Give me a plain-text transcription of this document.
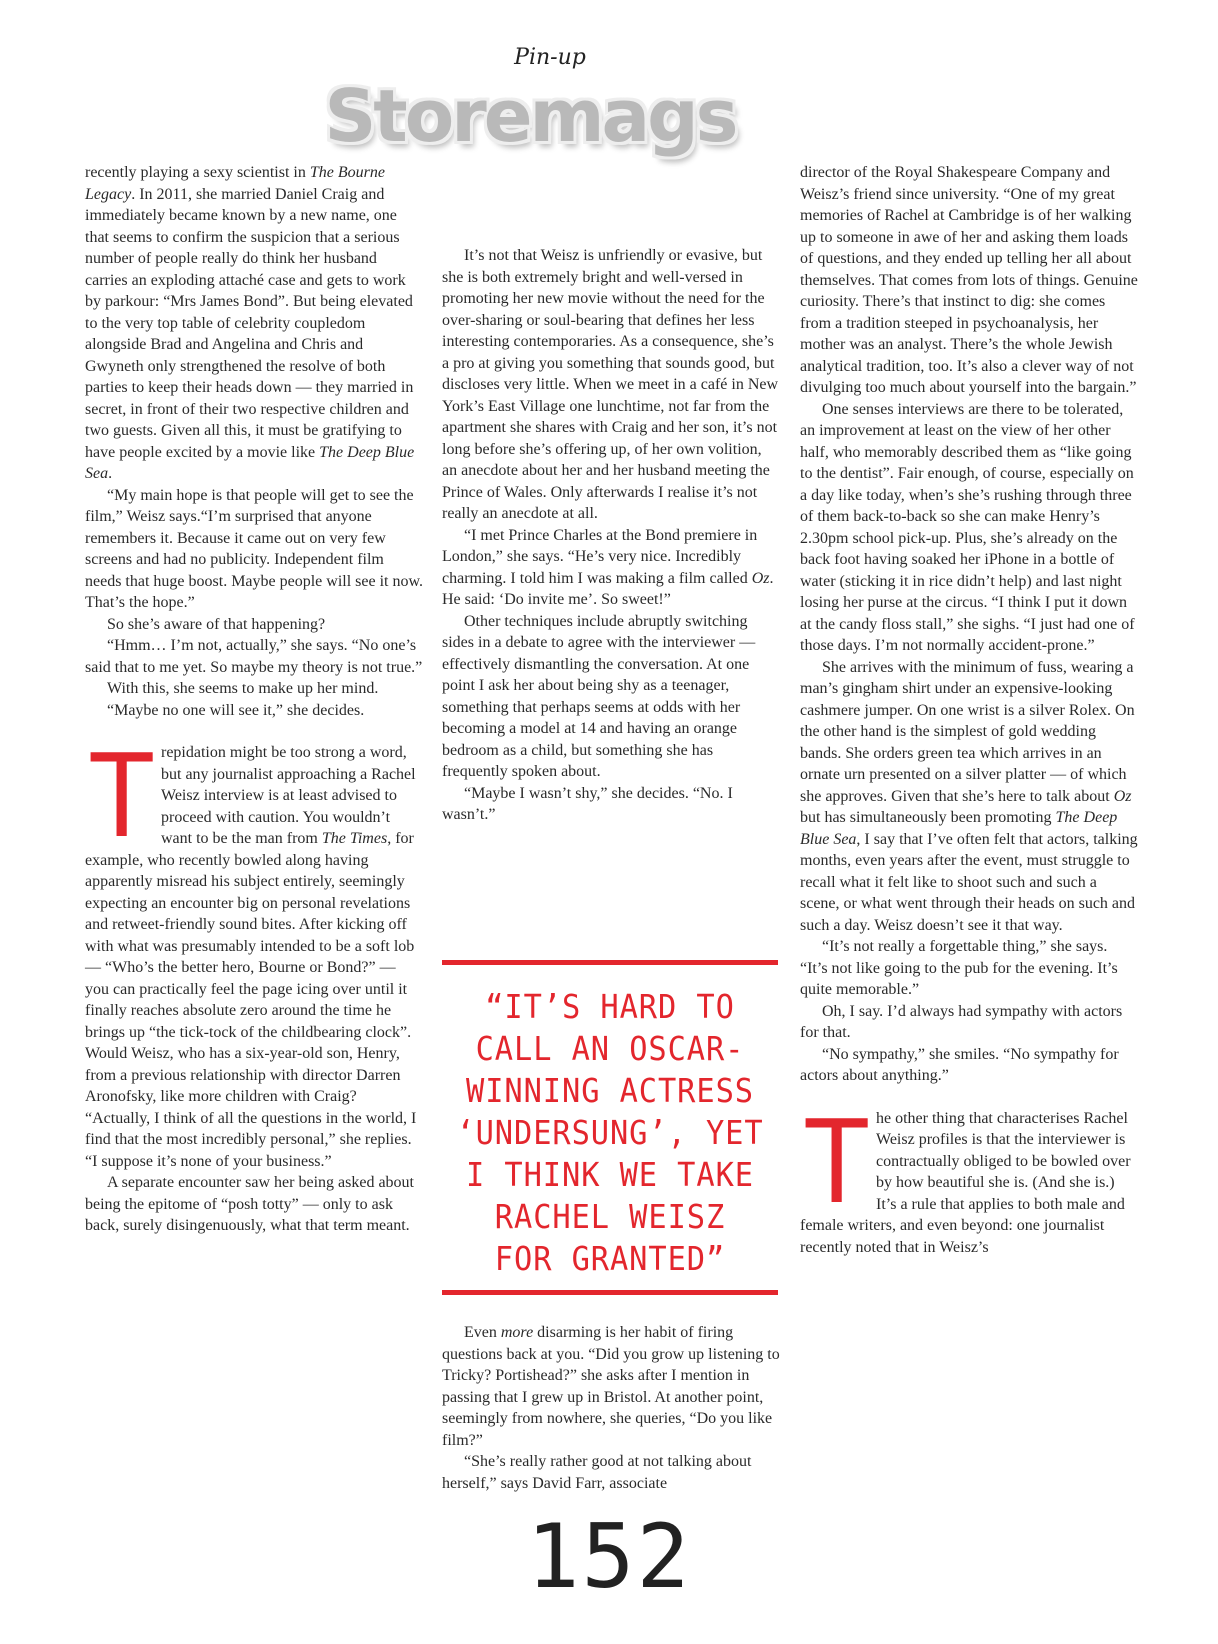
Pin-up
Storemags

recently playing a sexy scientist in The Bourne Legacy. In 2011, she married Daniel Craig and immediately became known by a new name, one that seems to confirm the suspicion that a serious number of people really do think her husband carries an exploding attaché case and gets to work by parkour: “Mrs James Bond”. But being elevated to the very top table of celebrity coupledom alongside Brad and Angelina and Chris and Gwyneth only strengthened the resolve of both parties to keep their heads down — they married in secret, in front of their two respective children and two guests. Given all this, it must be gratifying to have people excited by a movie like The Deep Blue Sea.

“My main hope is that people will get to see the film,” Weisz says.“I’m surprised that anyone remembers it. Because it came out on very few screens and had no publicity. Independent film needs that huge boost. Maybe people will see it now. That’s the hope.”

So she’s aware of that happening?

“Hmm… I’m not, actually,” she says. “No one’s said that to me yet. So maybe my theory is not true.”

With this, she seems to make up her mind.

“Maybe no one will see it,” she decides.

Trepidation might be too strong a word, but any journalist approaching a Rachel Weisz interview is at least advised to proceed with caution. You wouldn’t want to be the man from The Times, for example, who recently bowled along having apparently misread his subject entirely, seemingly expecting an encounter big on personal revelations and retweet-friendly sound bites. After kicking off with what was presumably intended to be a soft lob — “Who’s the better hero, Bourne or Bond?” — you can practically feel the page icing over until it finally reaches absolute zero around the time he brings up “the tick-tock of the childbearing clock”. Would Weisz, who has a six-year-old son, Henry, from a previous relationship with director Darren Aronofsky, like more children with Craig? “Actually, I think of all the questions in the world, I find that the most incredibly personal,” she replies. “I suppose it’s none of your business.”

A separate encounter saw her being asked about being the epitome of “posh totty” — only to ask back, surely disingenuously, what that term meant.

It’s not that Weisz is unfriendly or evasive, but she is both extremely bright and well-versed in promoting her new movie without the need for the over-sharing or soul-bearing that defines her less interesting contemporaries. As a consequence, she’s a pro at giving you something that sounds good, but discloses very little. When we meet in a café in New York’s East Village one lunchtime, not far from the apartment she shares with Craig and her son, it’s not long before she’s offering up, of her own volition, an anecdote about her and her husband meeting the Prince of Wales. Only afterwards I realise it’s not really an anecdote at all.

“I met Prince Charles at the Bond premiere in London,” she says. “He’s very nice. Incredibly charming. I told him I was making a film called Oz. He said: ‘Do invite me’. So sweet!”

Other techniques include abruptly switching sides in a debate to agree with the interviewer — effectively dismantling the conversation. At one point I ask her about being shy as a teenager, something that perhaps seems at odds with her becoming a model at 14 and having an orange bedroom as a child, but something she has frequently spoken about.

“Maybe I wasn’t shy,” she decides. “No. I wasn’t.”

“IT’S HARD TO
CALL AN OSCAR-
WINNING ACTRESS
‘UNDERSUNG’, YET
I THINK WE TAKE
RACHEL WEISZ
FOR GRANTED”

Even more disarming is her habit of firing questions back at you. “Did you grow up listening to Tricky? Portishead?” she asks after I mention in passing that I grew up in Bristol. At another point, seemingly from nowhere, she queries, “Do you like film?”

“She’s really rather good at not talking about herself,” says David Farr, associate

director of the Royal Shakespeare Company and Weisz’s friend since university. “One of my great memories of Rachel at Cambridge is of her walking up to someone in awe of her and asking them loads of questions, and they ended up telling her all about themselves. That comes from lots of things. Genuine curiosity. There’s that instinct to dig: she comes from a tradition steeped in psychoanalysis, her mother was an analyst. There’s the whole Jewish analytical tradition, too. It’s also a clever way of not divulging too much about yourself into the bargain.”

One senses interviews are there to be tolerated, an improvement at least on the view of her other half, who memorably described them as “like going to the dentist”. Fair enough, of course, especially on a day like today, when’s she’s rushing through three of them back-to-back so she can make Henry’s 2.30pm school pick-up. Plus, she’s already on the back foot having soaked her iPhone in a bottle of water (sticking it in rice didn’t help) and last night losing her purse at the circus. “I think I put it down at the candy floss stall,” she sighs. “I just had one of those days. I’m not normally accident-prone.”

She arrives with the minimum of fuss, wearing a man’s gingham shirt under an expensive-looking cashmere jumper. On one wrist is a silver Rolex. On the other hand is the simplest of gold wedding bands. She orders green tea which arrives in an ornate urn presented on a silver platter — of which she approves. Given that she’s here to talk about Oz but has simultaneously been promoting The Deep Blue Sea, I say that I’ve often felt that actors, talking months, even years after the event, must struggle to recall what it felt like to shoot such and such a scene, or what went through their heads on such and such a day. Weisz doesn’t see it that way.

“It’s not really a forgettable thing,” she says. “It’s not like going to the pub for the evening. It’s quite memorable.”

Oh, I say. I’d always had sympathy with actors for that.

“No sympathy,” she smiles. “No sympathy for actors about anything.”

The other thing that characterises Rachel Weisz profiles is that the interviewer is contractually obliged to be bowled over by how beautiful she is. (And she is.) It’s a rule that applies to both male and female writers, and even beyond: one journalist recently noted that in Weisz’s

152
